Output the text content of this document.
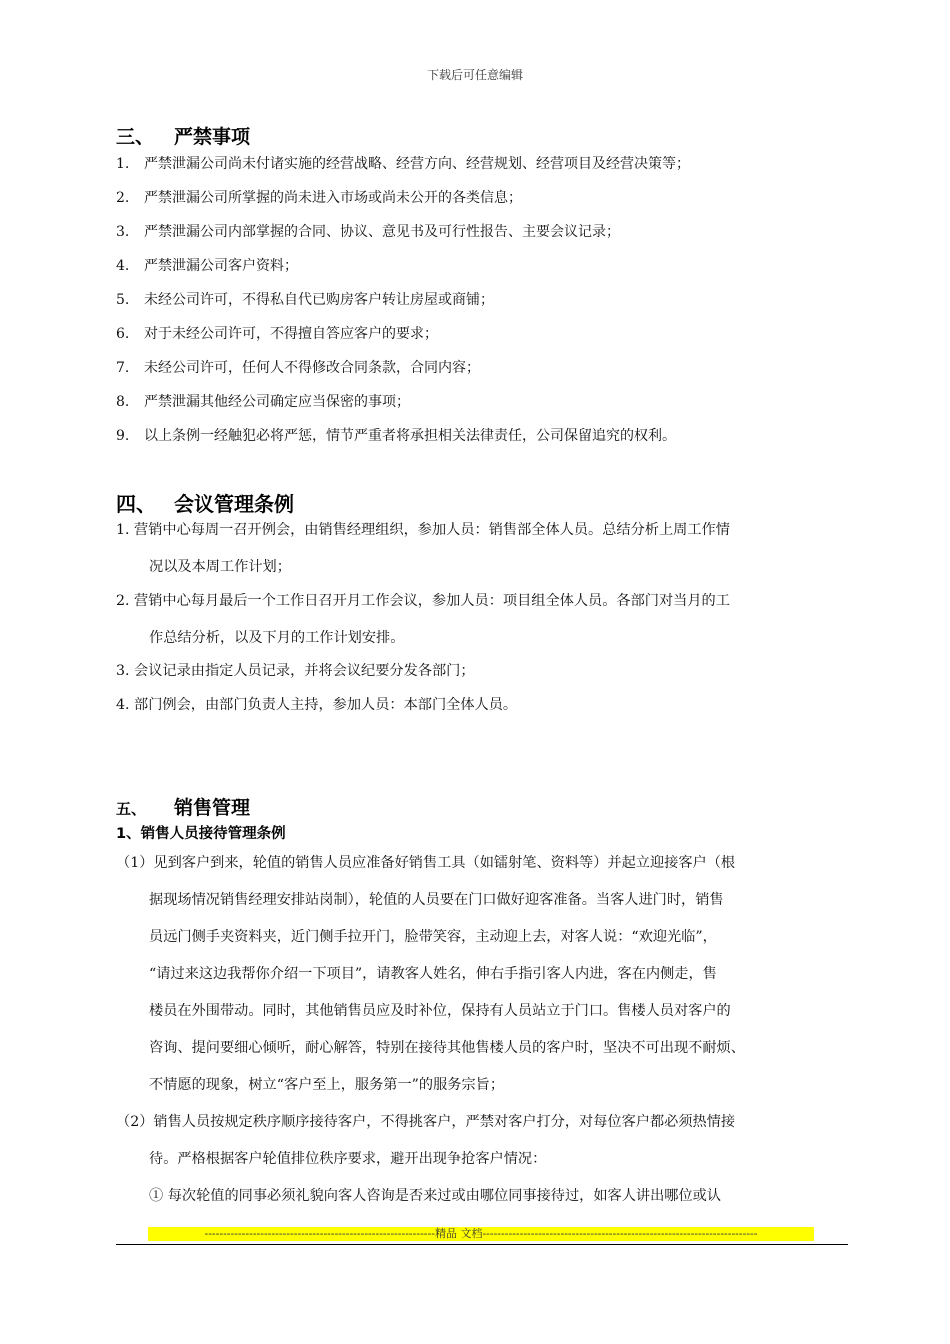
下载后可任意编辑
三、 严禁事项
1. 严禁泄漏公司尚未付诸实施的经营战略、经营方向、经营规划、经营项目及经营决策等；
2. 严禁泄漏公司所掌握的尚未进入市场或尚未公开的各类信息；
3. 严禁泄漏公司内部掌握的合同、协议、意见书及可行性报告、主要会议记录；
4. 严禁泄漏公司客户资料；
5. 未经公司许可，不得私自代已购房客户转让房屋或商铺；
6. 对于未经公司许可，不得擅自答应客户的要求；
7. 未经公司许可，任何人不得修改合同条款，合同内容；
8. 严禁泄漏其他经公司确定应当保密的事项；
9. 以上条例一经触犯必将严惩，情节严重者将承担相关法律责任，公司保留追究的权利。
四、 会议管理条例
1. 营销中心每周一召开例会，由销售经理组织，参加人员：销售部全体人员。总结分析上周工作情
况以及本周工作计划；
2. 营销中心每月最后一个工作日召开月工作会议，参加人员：项目组全体人员。各部门对当月的工
作总结分析，以及下月的工作计划安排。
3. 会议记录由指定人员记录，并将会议纪要分发各部门；
4. 部门例会，由部门负责人主持，参加人员：本部门全体人员。
五、 销售管理
1、销售人员接待管理条例
（1）见到客户到来，轮值的销售人员应准备好销售工具（如镭射笔、资料等）并起立迎接客户（根
据现场情况销售经理安排站岗制），轮值的人员要在门口做好迎客准备。当客人进门时，销售
员远门侧手夹资料夹，近门侧手拉开门，脸带笑容，主动迎上去，对客人说：“欢迎光临”，
“请过来这边我帮你介绍一下项目”，请教客人姓名，伸右手指引客人内进，客在内侧走，售
楼员在外围带动。同时，其他销售员应及时补位，保持有人员站立于门口。售楼人员对客户的
咨询、提问要细心倾听，耐心解答，特别在接待其他售楼人员的客户时，坚决不可出现不耐烦、
不情愿的现象，树立“客户至上，服务第一”的服务宗旨；
（2）销售人员按规定秩序顺序接待客户，不得挑客户，严禁对客户打分，对每位客户都必须热情接
待。严格根据客户轮值排位秩序要求，避开出现争抢客户情况：
① 每次轮值的同事必须礼貌向客人咨询是否来过或由哪位同事接待过，如客人讲出哪位或认
--------------------------------------------------------------精品 文档--------------------------------------------------------------------------
